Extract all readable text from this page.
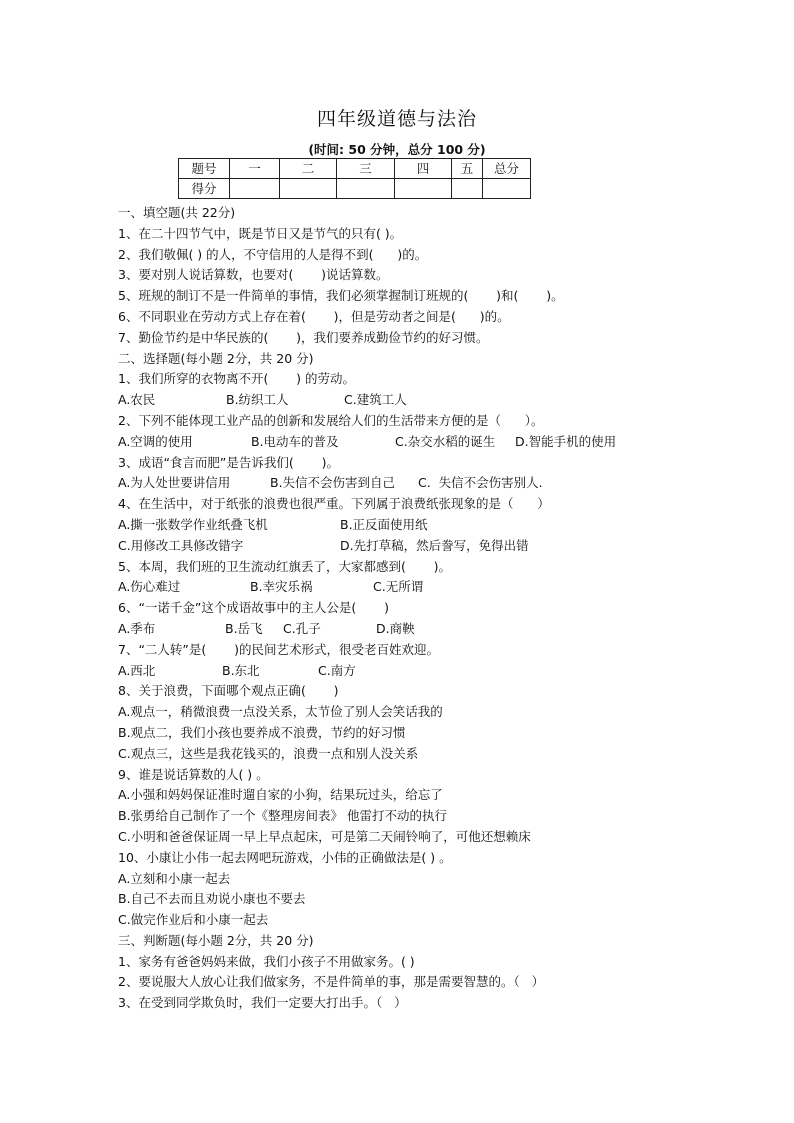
四年级道德与法治
(时间: 50 分钟，总分 100 分)
题号	一	二	三	四	五	总分
得分						
一、填空题(共 22分)
1、在二十四节气中，既是节日又是节气的只有( )。
2、我们敬佩( ) 的人，不守信用的人是得不到(      )的。
3、要对别人说话算数，也要对(       )说话算数。
5、班规的制订不是一件简单的事情，我们必须掌握制订班规的(       )和(       )。
6、不同职业在劳动方式上存在着(       )，但是劳动者之间是(      )的。
7、勤俭节约是中华民族的(       )，我们要养成勤俭节约的好习惯。
二、选择题(每小题 2分，共 20 分)
1、我们所穿的衣物离不开(       ) 的劳动。
A.农民	B.纺织工人	C.建筑工人
2、下列不能体现工业产品的创新和发展给人们的生活带来方便的是（      ）。
A.空调的使用	B.电动车的普及	C.杂交水稻的诞生 D.智能手机的使用
3、成语“食言而肥”是告诉我们(       )。
A.为人处世要讲信用	B.失信不会伤害到自己 C.  失信不会伤害别人.
4、在生活中，对于纸张的浪费也很严重。下列属于浪费纸张现象的是（      ）
A.撕一张数学作业纸叠飞机	B.正反面使用纸
C.用修改工具修改错字	D.先打草稿，然后誊写，免得出错
5、本周，我们班的卫生流动红旗丢了，大家都感到(       )。
A.伤心难过	B.幸灾乐祸	C.无所谓
6、“一诺千金”这个成语故事中的主人公是(       )
A.季布	B.岳飞 C.孔子	D.商鞅
7、“二人转”是(       )的民间艺术形式，很受老百姓欢迎。
A.西北	B.东北	C.南方
8、关于浪费，下面哪个观点正确(       )
A.观点一，稍微浪费一点没关系，太节俭了别人会笑话我的
B.观点二，我们小孩也要养成不浪费，节约的好习惯
C.观点三，这些是我花钱买的，浪费一点和别人没关系
9、谁是说话算数的人( ) 。
A.小强和妈妈保证准时遛自家的小狗，结果玩过头，给忘了
B.张勇给自己制作了一个《整理房间表》 他雷打不动的执行
C.小明和爸爸保证周一早上早点起床，可是第二天闹铃响了，可他还想赖床
10、小康让小伟一起去网吧玩游戏，小伟的正确做法是( ) 。
A.立刻和小康一起去
B.自己不去而且劝说小康也不要去
C.做完作业后和小康一起去
三、判断题(每小题 2分，共 20 分)
1、家务有爸爸妈妈来做，我们小孩子不用做家务。( )
2、要说服大人放心让我们做家务，不是件简单的事，那是需要智慧的。（   ）
3、在受到同学欺负时，我们一定要大打出手。（   ）
